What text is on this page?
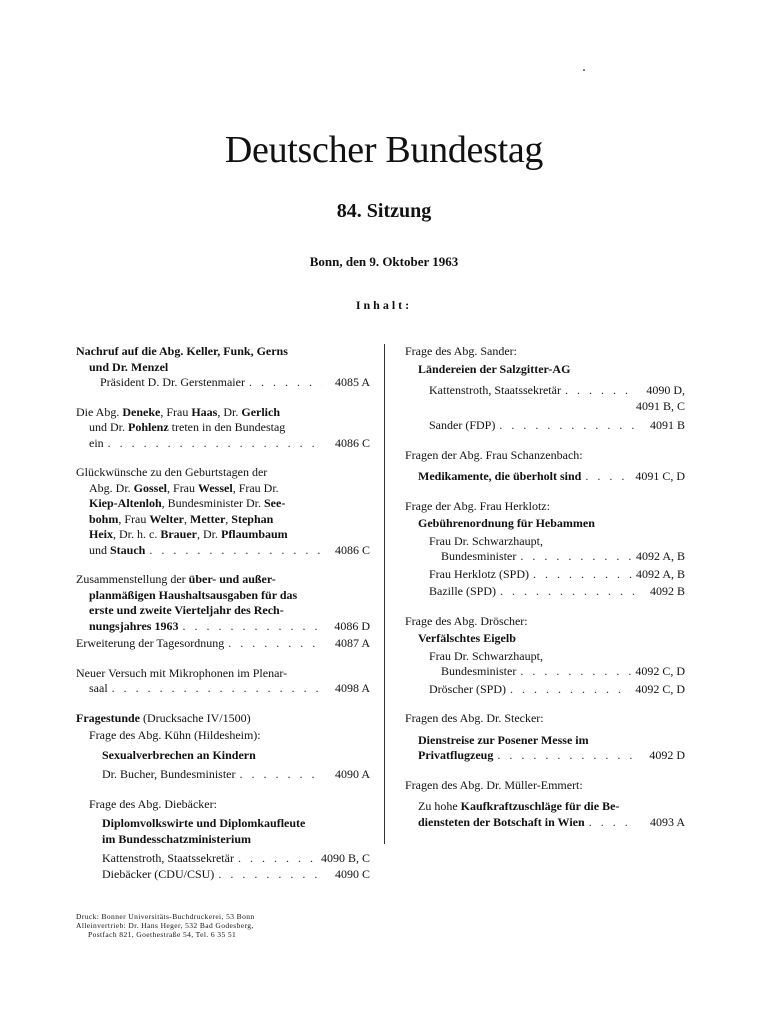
Deutscher Bundestag
84. Sitzung
Bonn, den 9. Oktober 1963
Inhalt:
Nachruf auf die Abg. Keller, Funk, Gerns
und Dr. Menzel
Präsident D. Dr. Gerstenmaier . . .	4085 A
Die Abg. Deneke, Frau Haas, Dr. Gerlich
und Dr. Pohlenz treten in den Bundestag
ein . . .	4086 C
Glückwünsche zu den Geburtstagen der
Abg. Dr. Gossel, Frau Wessel, Frau Dr.
Kiep-Altenloh, Bundesminister Dr. See-
bohm, Frau Welter, Metter, Stephan
Heix, Dr. h. c. Brauer, Dr. Pflaumbaum
und Stauch . . .	4086 C
Zusammenstellung der über- und außer-
planmäßigen Haushaltsausgaben für das
erste und zweite Vierteljahr des Rech-
nungsjahres 1963 . . .	4086 D
Erweiterung der Tagesordnung . . .	4087 A
Neuer Versuch mit Mikrophonen im Plenar-
saal . . .	4098 A
Fragestunde (Drucksache IV/1500)
Frage des Abg. Kühn (Hildesheim):
Sexualverbrechen an Kindern
Dr. Bucher, Bundesminister . . .	4090 A
Frage des Abg. Diebäcker:
Diplomvolkswirte und Diplomkaufleute
im Bundesschatzministerium
Kattenstroth, Staatssekretär . . .	4090 B, C
Diebäcker (CDU/CSU) . . .	4090 C
Frage des Abg. Sander:
Ländereien der Salzgitter-AG
Kattenstroth, Staatssekretär . . .	4090 D,
4091 B, C
Sander (FDP) . . .	4091 B
Fragen der Abg. Frau Schanzenbach:
Medikamente, die überholt sind . . .	4091 C, D
Frage der Abg. Frau Herklotz:
Gebührenordnung für Hebammen
Frau Dr. Schwarzhaupt,
Bundesminister . . .	4092 A, B
Frau Herklotz (SPD) . . .	4092 A, B
Bazille (SPD) . . .	4092 B
Frage des Abg. Dröscher:
Verfälschtes Eigelb
Frau Dr. Schwarzhaupt,
Bundesminister . . .	4092 C, D
Dröscher (SPD) . . .	4092 C, D
Fragen des Abg. Dr. Stecker:
Dienstreise zur Posener Messe im
Privatflugzeug . . .	4092 D
Fragen des Abg. Dr. Müller-Emmert:
Zu hohe Kaufkraftzuschläge für die Be-
diensteten der Botschaft in Wien . . .	4093 A
Druck: Bonner Universitäts-Buchdruckerei, 53 Bonn
Alleinvertrieb: Dr. Hans Heger, 532 Bad Godesberg,
Postfach 821, Goethestraße 54, Tel. 6 35 51
